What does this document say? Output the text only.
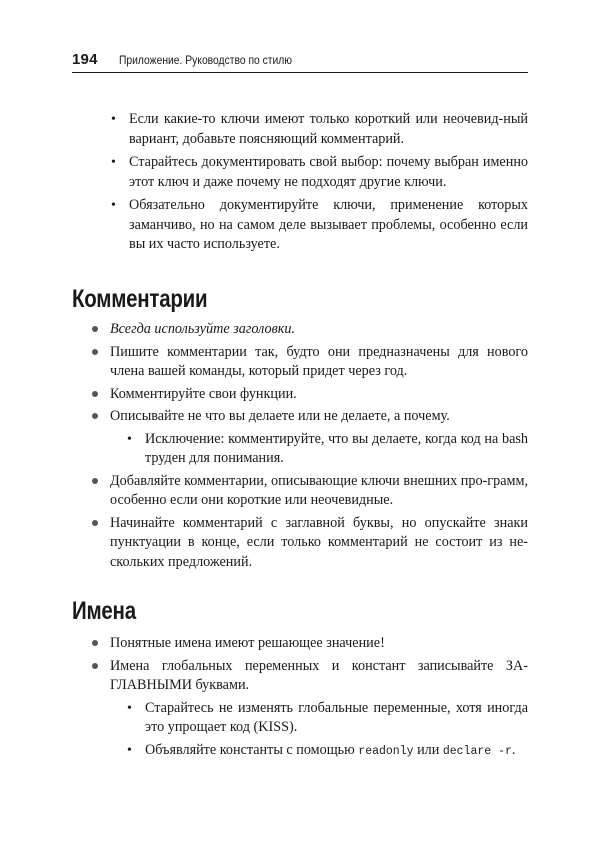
194 Приложение. Руководство по стилю
• Если какие-то ключи имеют только короткий или неочевид-ный вариант, добавьте поясняющий комментарий.
• Старайтесь документировать свой выбор: почему выбран именно этот ключ и даже почему не подходят другие ключи.
• Обязательно документируйте ключи, применение которых заманчиво, но на самом деле вызывает проблемы, особенно если вы их часто используете.
Комментарии
Всегда используйте заголовки.
Пишите комментарии так, будто они предназначены для нового члена вашей команды, который придет через год.
Комментируйте свои функции.
Описывайте не что вы делаете или не делаете, а почему.
• Исключение: комментируйте, что вы делаете, когда код на bash труден для понимания.
Добавляйте комментарии, описывающие ключи внешних про-грамм, особенно если они короткие или неочевидные.
Начинайте комментарий с заглавной буквы, но опускайте знаки пунктуации в конце, если только комментарий не состоит из не-скольких предложений.
Имена
Понятные имена имеют решающее значение!
Имена глобальных переменных и констант записывайте ЗА-ГЛАВНЫМИ буквами.
• Старайтесь не изменять глобальные переменные, хотя иногда это упрощает код (KISS).
• Объявляйте константы с помощью readonly или declare -r.
